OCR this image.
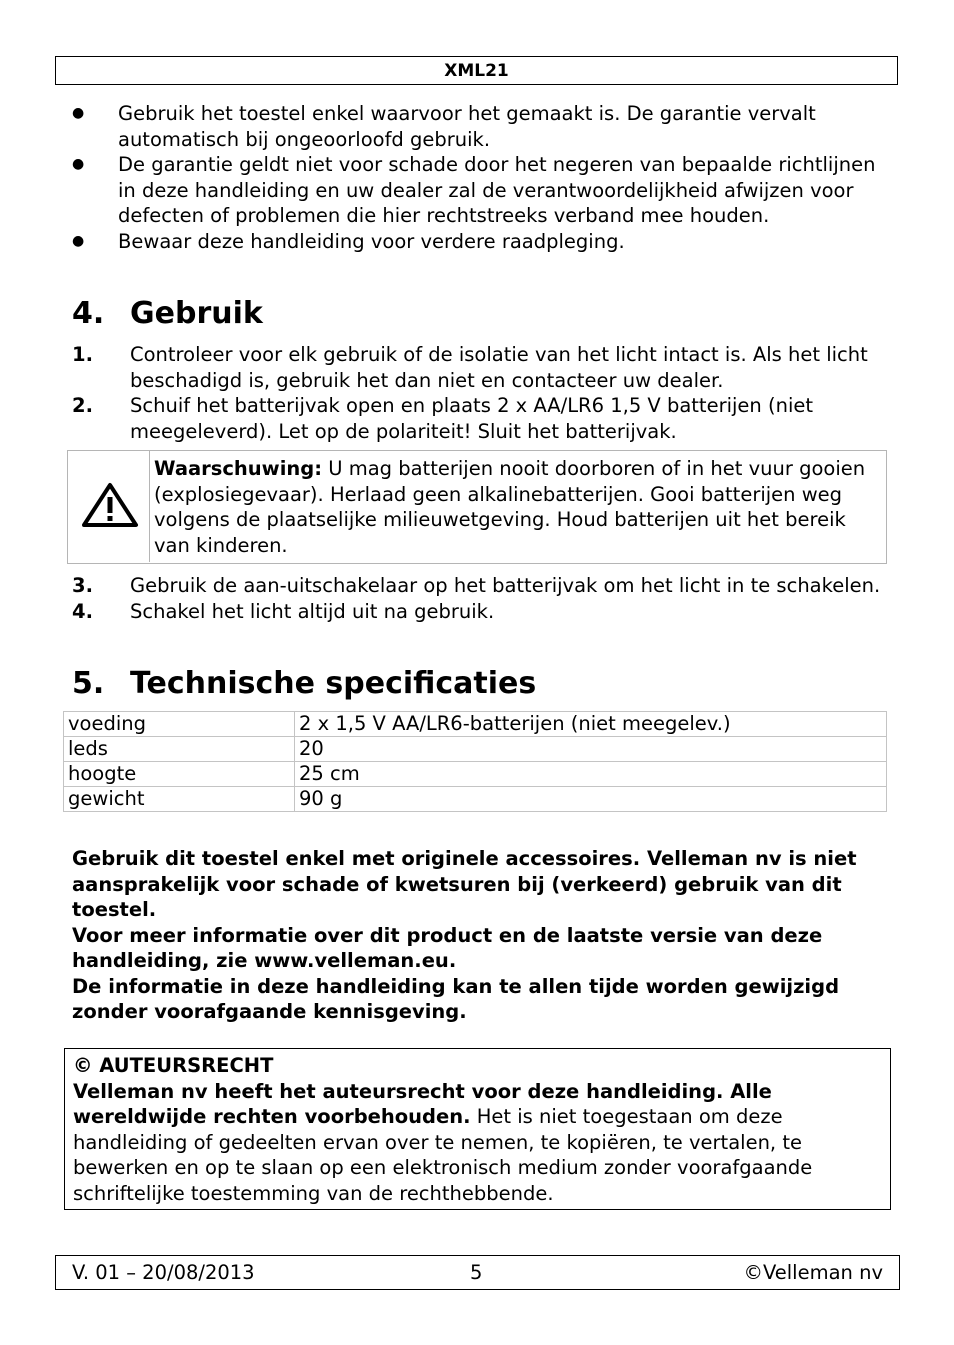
XML21
● Gebruik het toestel enkel waarvoor het gemaakt is. De garantie vervalt automatisch bij ongeoorloofd gebruik.
● De garantie geldt niet voor schade door het negeren van bepaalde richtlijnen in deze handleiding en uw dealer zal de verantwoordelijkheid afwijzen voor defecten of problemen die hier rechtstreeks verband mee houden.
● Bewaar deze handleiding voor verdere raadpleging.
4. Gebruik
1. Controleer voor elk gebruik of de isolatie van het licht intact is. Als het licht beschadigd is, gebruik het dan niet en contacteer uw dealer.
2. Schuif het batterijvak open en plaats 2 x AA/LR6 1,5 V batterijen (niet meegeleverd). Let op de polariteit! Sluit het batterijvak.
Waarschuwing: U mag batterijen nooit doorboren of in het vuur gooien (explosiegevaar). Herlaad geen alkalinebatterijen. Gooi batterijen weg volgens de plaatselijke milieuwetgeving. Houd batterijen uit het bereik van kinderen.
3. Gebruik de aan-uitschakelaar op het batterijvak om het licht in te schakelen.
4. Schakel het licht altijd uit na gebruik.
5. Technische specificaties
voeding	2 x 1,5 V AA/LR6-batterijen (niet meegelev.)
leds	20
hoogte	25 cm
gewicht	90 g

Gebruik dit toestel enkel met originele accessoires. Velleman nv is niet aansprakelijk voor schade of kwetsuren bij (verkeerd) gebruik van dit toestel.

Voor meer informatie over dit product en de laatste versie van deze handleiding, zie www.velleman.eu.

De informatie in deze handleiding kan te allen tijde worden gewijzigd zonder voorafgaande kennisgeving.

© AUTEURSRECHT

Velleman nv heeft het auteursrecht voor deze handleiding. Alle wereldwijde rechten voorbehouden. Het is niet toegestaan om deze handleiding of gedeelten ervan over te nemen, te kopiëren, te vertalen, te bewerken en op te slaan op een elektronisch medium zonder voorafgaande schriftelijke toestemming van de rechthebbende.

V. 01 – 20/08/2013	5	©Velleman nv
